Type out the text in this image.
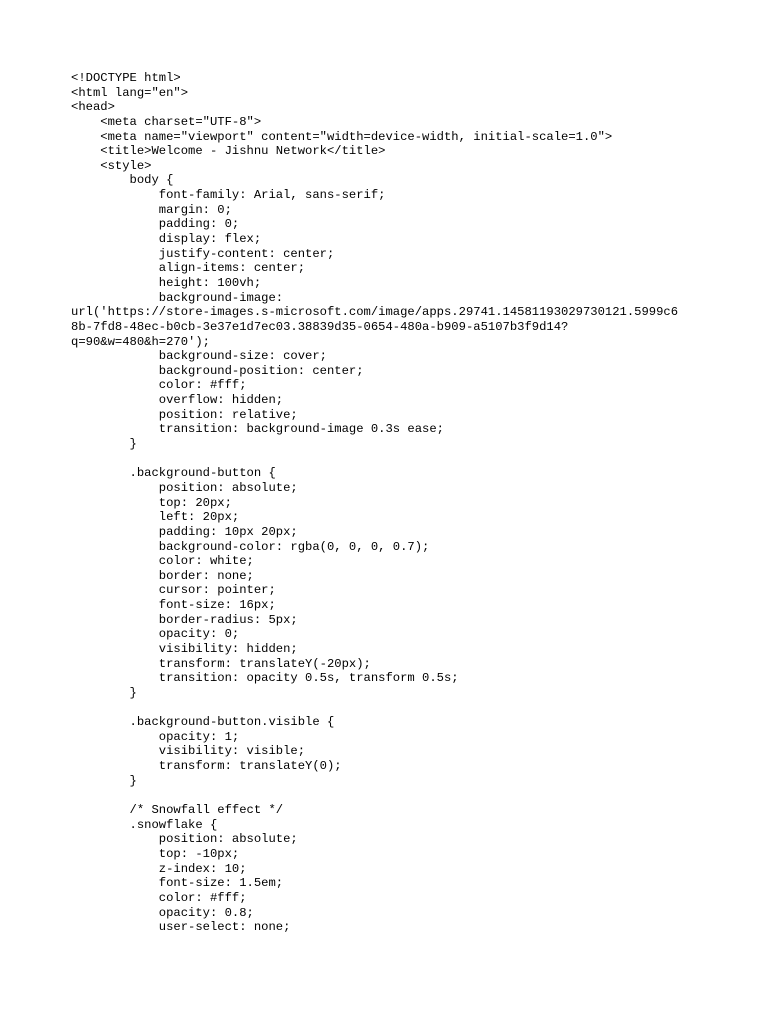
<!DOCTYPE html>
<html lang="en">
<head>
<meta charset="UTF-8">
<meta name="viewport" content="width=device-width, initial-scale=1.0">
<title>Welcome - Jishnu Network</title>
<style>
body {
font-family: Arial, sans-serif;
margin: 0;
padding: 0;
display: flex;
justify-content: center;
align-items: center;
height: 100vh;
background-image:
url('https://store-images.s-microsoft.com/image/apps.29741.14581193029730121.5999c6
8b-7fd8-48ec-b0cb-3e37e1d7ec03.38839d35-0654-480a-b909-a5107b3f9d14?
q=90&w=480&h=270');
background-size: cover;
background-position: center;
color: #fff;
overflow: hidden;
position: relative;
transition: background-image 0.3s ease;
}
.background-button {
position: absolute;
top: 20px;
left: 20px;
padding: 10px 20px;
background-color: rgba(0, 0, 0, 0.7);
color: white;
border: none;
cursor: pointer;
font-size: 16px;
border-radius: 5px;
opacity: 0;
visibility: hidden;
transform: translateY(-20px);
transition: opacity 0.5s, transform 0.5s;
}
.background-button.visible {
opacity: 1;
visibility: visible;
transform: translateY(0);
}
/* Snowfall effect */
.snowflake {
position: absolute;
top: -10px;
z-index: 10;
font-size: 1.5em;
color: #fff;
opacity: 0.8;
user-select: none;
